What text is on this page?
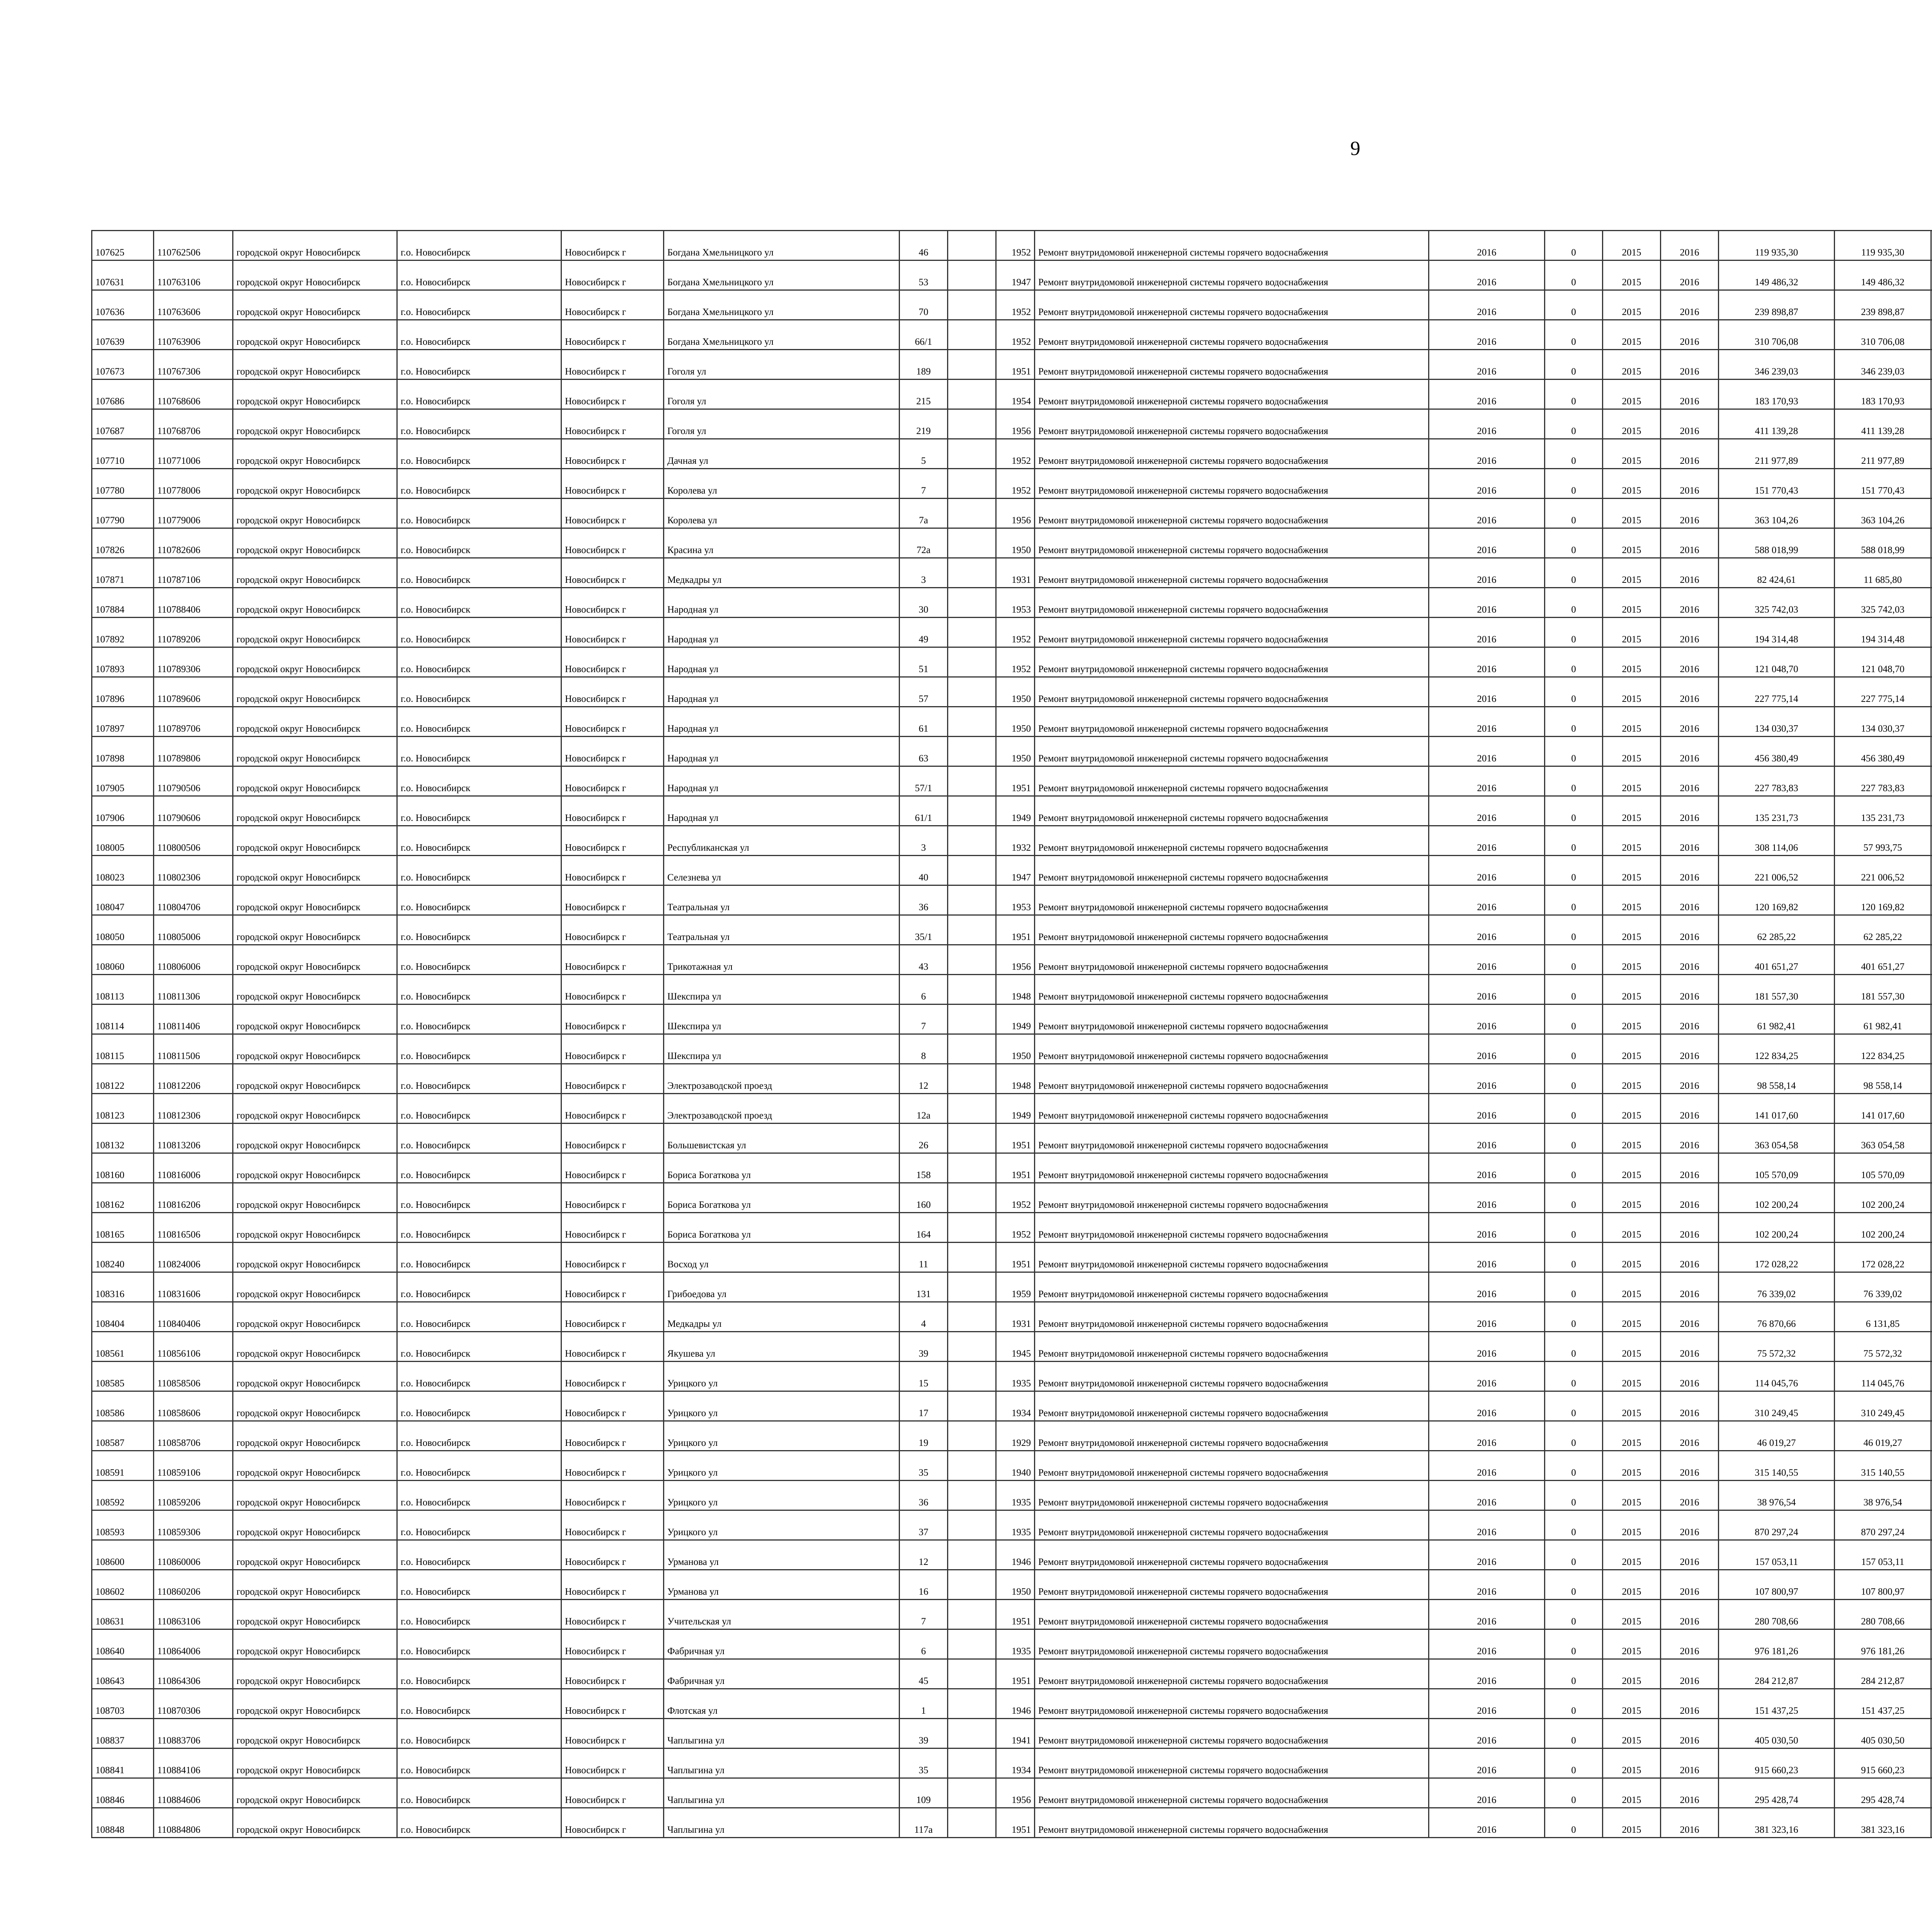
9
107625	110762506	городской округ Новосибирск	г.о. Новосибирск	Новосибирск г	Богдана Хмельницкого ул	46		1952	Ремонт внутридомовой инженерной системы горячего водоснабжения	2016	0	2015	2016	119 935,30	119 935,30							
107631	110763106	городской округ Новосибирск	г.о. Новосибирск	Новосибирск г	Богдана Хмельницкого ул	53		1947	Ремонт внутридомовой инженерной системы горячего водоснабжения	2016	0	2015	2016	149 486,32	149 486,32							
107636	110763606	городской округ Новосибирск	г.о. Новосибирск	Новосибирск г	Богдана Хмельницкого ул	70		1952	Ремонт внутридомовой инженерной системы горячего водоснабжения	2016	0	2015	2016	239 898,87	239 898,87							
107639	110763906	городской округ Новосибирск	г.о. Новосибирск	Новосибирск г	Богдана Хмельницкого ул	66/1		1952	Ремонт внутридомовой инженерной системы горячего водоснабжения	2016	0	2015	2016	310 706,08	310 706,08							
107673	110767306	городской округ Новосибирск	г.о. Новосибирск	Новосибирск г	Гоголя ул	189		1951	Ремонт внутридомовой инженерной системы горячего водоснабжения	2016	0	2015	2016	346 239,03	346 239,03							
107686	110768606	городской округ Новосибирск	г.о. Новосибирск	Новосибирск г	Гоголя ул	215		1954	Ремонт внутридомовой инженерной системы горячего водоснабжения	2016	0	2015	2016	183 170,93	183 170,93							
107687	110768706	городской округ Новосибирск	г.о. Новосибирск	Новосибирск г	Гоголя ул	219		1956	Ремонт внутридомовой инженерной системы горячего водоснабжения	2016	0	2015	2016	411 139,28	411 139,28							
107710	110771006	городской округ Новосибирск	г.о. Новосибирск	Новосибирск г	Дачная ул	5		1952	Ремонт внутридомовой инженерной системы горячего водоснабжения	2016	0	2015	2016	211 977,89	211 977,89							
107780	110778006	городской округ Новосибирск	г.о. Новосибирск	Новосибирск г	Королева ул	7		1952	Ремонт внутридомовой инженерной системы горячего водоснабжения	2016	0	2015	2016	151 770,43	151 770,43							
107790	110779006	городской округ Новосибирск	г.о. Новосибирск	Новосибирск г	Королева ул	7а		1956	Ремонт внутридомовой инженерной системы горячего водоснабжения	2016	0	2015	2016	363 104,26	363 104,26							
107826	110782606	городской округ Новосибирск	г.о. Новосибирск	Новосибирск г	Красина ул	72а		1950	Ремонт внутридомовой инженерной системы горячего водоснабжения	2016	0	2015	2016	588 018,99	588 018,99							
107871	110787106	городской округ Новосибирск	г.о. Новосибирск	Новосибирск г	Медкадры ул	3		1931	Ремонт внутридомовой инженерной системы горячего водоснабжения	2016	0	2015	2016	82 424,61	11 685,80							
107884	110788406	городской округ Новосибирск	г.о. Новосибирск	Новосибирск г	Народная ул	30		1953	Ремонт внутридомовой инженерной системы горячего водоснабжения	2016	0	2015	2016	325 742,03	325 742,03							
107892	110789206	городской округ Новосибирск	г.о. Новосибирск	Новосибирск г	Народная ул	49		1952	Ремонт внутридомовой инженерной системы горячего водоснабжения	2016	0	2015	2016	194 314,48	194 314,48							
107893	110789306	городской округ Новосибирск	г.о. Новосибирск	Новосибирск г	Народная ул	51		1952	Ремонт внутридомовой инженерной системы горячего водоснабжения	2016	0	2015	2016	121 048,70	121 048,70							
107896	110789606	городской округ Новосибирск	г.о. Новосибирск	Новосибирск г	Народная ул	57		1950	Ремонт внутридомовой инженерной системы горячего водоснабжения	2016	0	2015	2016	227 775,14	227 775,14							
107897	110789706	городской округ Новосибирск	г.о. Новосибирск	Новосибирск г	Народная ул	61		1950	Ремонт внутридомовой инженерной системы горячего водоснабжения	2016	0	2015	2016	134 030,37	134 030,37							
107898	110789806	городской округ Новосибирск	г.о. Новосибирск	Новосибирск г	Народная ул	63		1950	Ремонт внутридомовой инженерной системы горячего водоснабжения	2016	0	2015	2016	456 380,49	456 380,49							
107905	110790506	городской округ Новосибирск	г.о. Новосибирск	Новосибирск г	Народная ул	57/1		1951	Ремонт внутридомовой инженерной системы горячего водоснабжения	2016	0	2015	2016	227 783,83	227 783,83							
107906	110790606	городской округ Новосибирск	г.о. Новосибирск	Новосибирск г	Народная ул	61/1		1949	Ремонт внутридомовой инженерной системы горячего водоснабжения	2016	0	2015	2016	135 231,73	135 231,73							
108005	110800506	городской округ Новосибирск	г.о. Новосибирск	Новосибирск г	Республиканская ул	3		1932	Ремонт внутридомовой инженерной системы горячего водоснабжения	2016	0	2015	2016	308 114,06	57 993,75							
108023	110802306	городской округ Новосибирск	г.о. Новосибирск	Новосибирск г	Селезнева ул	40		1947	Ремонт внутридомовой инженерной системы горячего водоснабжения	2016	0	2015	2016	221 006,52	221 006,52							
108047	110804706	городской округ Новосибирск	г.о. Новосибирск	Новосибирск г	Театральная ул	36		1953	Ремонт внутридомовой инженерной системы горячего водоснабжения	2016	0	2015	2016	120 169,82	120 169,82							
108050	110805006	городской округ Новосибирск	г.о. Новосибирск	Новосибирск г	Театральная ул	35/1		1951	Ремонт внутридомовой инженерной системы горячего водоснабжения	2016	0	2015	2016	62 285,22	62 285,22							
108060	110806006	городской округ Новосибирск	г.о. Новосибирск	Новосибирск г	Трикотажная ул	43		1956	Ремонт внутридомовой инженерной системы горячего водоснабжения	2016	0	2015	2016	401 651,27	401 651,27							
108113	110811306	городской округ Новосибирск	г.о. Новосибирск	Новосибирск г	Шекспира ул	6		1948	Ремонт внутридомовой инженерной системы горячего водоснабжения	2016	0	2015	2016	181 557,30	181 557,30							
108114	110811406	городской округ Новосибирск	г.о. Новосибирск	Новосибирск г	Шекспира ул	7		1949	Ремонт внутридомовой инженерной системы горячего водоснабжения	2016	0	2015	2016	61 982,41	61 982,41							
108115	110811506	городской округ Новосибирск	г.о. Новосибирск	Новосибирск г	Шекспира ул	8		1950	Ремонт внутридомовой инженерной системы горячего водоснабжения	2016	0	2015	2016	122 834,25	122 834,25							
108122	110812206	городской округ Новосибирск	г.о. Новосибирск	Новосибирск г	Электрозаводской проезд	12		1948	Ремонт внутридомовой инженерной системы горячего водоснабжения	2016	0	2015	2016	98 558,14	98 558,14							
108123	110812306	городской округ Новосибирск	г.о. Новосибирск	Новосибирск г	Электрозаводской проезд	12а		1949	Ремонт внутридомовой инженерной системы горячего водоснабжения	2016	0	2015	2016	141 017,60	141 017,60							
108132	110813206	городской округ Новосибирск	г.о. Новосибирск	Новосибирск г	Большевистская ул	26		1951	Ремонт внутридомовой инженерной системы горячего водоснабжения	2016	0	2015	2016	363 054,58	363 054,58							
108160	110816006	городской округ Новосибирск	г.о. Новосибирск	Новосибирск г	Бориса Богаткова ул	158		1951	Ремонт внутридомовой инженерной системы горячего водоснабжения	2016	0	2015	2016	105 570,09	105 570,09							
108162	110816206	городской округ Новосибирск	г.о. Новосибирск	Новосибирск г	Бориса Богаткова ул	160		1952	Ремонт внутридомовой инженерной системы горячего водоснабжения	2016	0	2015	2016	102 200,24	102 200,24							
108165	110816506	городской округ Новосибирск	г.о. Новосибирск	Новосибирск г	Бориса Богаткова ул	164		1952	Ремонт внутридомовой инженерной системы горячего водоснабжения	2016	0	2015	2016	102 200,24	102 200,24							
108240	110824006	городской округ Новосибирск	г.о. Новосибирск	Новосибирск г	Восход ул	11		1951	Ремонт внутридомовой инженерной системы горячего водоснабжения	2016	0	2015	2016	172 028,22	172 028,22							
108316	110831606	городской округ Новосибирск	г.о. Новосибирск	Новосибирск г	Грибоедова ул	131		1959	Ремонт внутридомовой инженерной системы горячего водоснабжения	2016	0	2015	2016	76 339,02	76 339,02							
108404	110840406	городской округ Новосибирск	г.о. Новосибирск	Новосибирск г	Медкадры ул	4		1931	Ремонт внутридомовой инженерной системы горячего водоснабжения	2016	0	2015	2016	76 870,66	6 131,85							
108561	110856106	городской округ Новосибирск	г.о. Новосибирск	Новосибирск г	Якушева ул	39		1945	Ремонт внутридомовой инженерной системы горячего водоснабжения	2016	0	2015	2016	75 572,32	75 572,32							
108585	110858506	городской округ Новосибирск	г.о. Новосибирск	Новосибирск г	Урицкого ул	15		1935	Ремонт внутридомовой инженерной системы горячего водоснабжения	2016	0	2015	2016	114 045,76	114 045,76							
108586	110858606	городской округ Новосибирск	г.о. Новосибирск	Новосибирск г	Урицкого ул	17		1934	Ремонт внутридомовой инженерной системы горячего водоснабжения	2016	0	2015	2016	310 249,45	310 249,45							
108587	110858706	городской округ Новосибирск	г.о. Новосибирск	Новосибирск г	Урицкого ул	19		1929	Ремонт внутридомовой инженерной системы горячего водоснабжения	2016	0	2015	2016	46 019,27	46 019,27							
108591	110859106	городской округ Новосибирск	г.о. Новосибирск	Новосибирск г	Урицкого ул	35		1940	Ремонт внутридомовой инженерной системы горячего водоснабжения	2016	0	2015	2016	315 140,55	315 140,55							
108592	110859206	городской округ Новосибирск	г.о. Новосибирск	Новосибирск г	Урицкого ул	36		1935	Ремонт внутридомовой инженерной системы горячего водоснабжения	2016	0	2015	2016	38 976,54	38 976,54							
108593	110859306	городской округ Новосибирск	г.о. Новосибирск	Новосибирск г	Урицкого ул	37		1935	Ремонт внутридомовой инженерной системы горячего водоснабжения	2016	0	2015	2016	870 297,24	870 297,24							
108600	110860006	городской округ Новосибирск	г.о. Новосибирск	Новосибирск г	Урманова ул	12		1946	Ремонт внутридомовой инженерной системы горячего водоснабжения	2016	0	2015	2016	157 053,11	157 053,11							
108602	110860206	городской округ Новосибирск	г.о. Новосибирск	Новосибирск г	Урманова ул	16		1950	Ремонт внутридомовой инженерной системы горячего водоснабжения	2016	0	2015	2016	107 800,97	107 800,97							
108631	110863106	городской округ Новосибирск	г.о. Новосибирск	Новосибирск г	Учительская ул	7		1951	Ремонт внутридомовой инженерной системы горячего водоснабжения	2016	0	2015	2016	280 708,66	280 708,66							
108640	110864006	городской округ Новосибирск	г.о. Новосибирск	Новосибирск г	Фабричная ул	6		1935	Ремонт внутридомовой инженерной системы горячего водоснабжения	2016	0	2015	2016	976 181,26	976 181,26							
108643	110864306	городской округ Новосибирск	г.о. Новосибирск	Новосибирск г	Фабричная ул	45		1951	Ремонт внутридомовой инженерной системы горячего водоснабжения	2016	0	2015	2016	284 212,87	284 212,87							
108703	110870306	городской округ Новосибирск	г.о. Новосибирск	Новосибирск г	Флотская ул	1		1946	Ремонт внутридомовой инженерной системы горячего водоснабжения	2016	0	2015	2016	151 437,25	151 437,25							
108837	110883706	городской округ Новосибирск	г.о. Новосибирск	Новосибирск г	Чаплыгина ул	39		1941	Ремонт внутридомовой инженерной системы горячего водоснабжения	2016	0	2015	2016	405 030,50	405 030,50							
108841	110884106	городской округ Новосибирск	г.о. Новосибирск	Новосибирск г	Чаплыгина ул	35		1934	Ремонт внутридомовой инженерной системы горячего водоснабжения	2016	0	2015	2016	915 660,23	915 660,23							
108846	110884606	городской округ Новосибирск	г.о. Новосибирск	Новосибирск г	Чаплыгина ул	109		1956	Ремонт внутридомовой инженерной системы горячего водоснабжения	2016	0	2015	2016	295 428,74	295 428,74							
108848	110884806	городской округ Новосибирск	г.о. Новосибирск	Новосибирск г	Чаплыгина ул	117а		1951	Ремонт внутридомовой инженерной системы горячего водоснабжения	2016	0	2015	2016	381 323,16	381 323,16							
